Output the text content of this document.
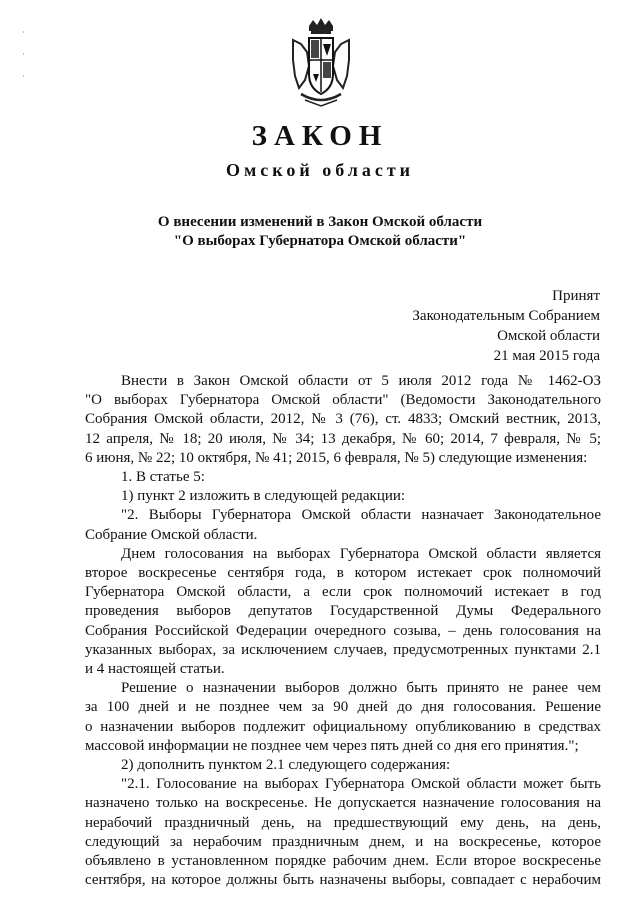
·
·
·
ЗАКОН
Омской области
О внесении изменений в Закон Омской области
"О выборах Губернатора Омской области"
Принят
Законодательным Собранием
Омской области
21 мая 2015 года

Внести в Закон Омской области от 5 июля 2012 года № 1462-ОЗ

"О выборах Губернатора Омской области" (Ведомости Законодательного

Собрания Омской области, 2012, № 3 (76), ст. 4833; Омский вестник, 2013,

12 апреля, № 18; 20 июля, № 34; 13 декабря, № 60; 2014, 7 февраля, № 5;

6 июня, № 22; 10 октября, № 41; 2015, 6 февраля, № 5) следующие изменения:

1. В статье 5:

1) пункт 2 изложить в следующей редакции:

"2. Выборы Губернатора Омской области назначает Законодательное

Собрание Омской области.

Днем голосования на выборах Губернатора Омской области является

второе воскресенье сентября года, в котором истекает срок полномочий

Губернатора Омской области, а если срок полномочий истекает в год

проведения выборов депутатов Государственной Думы Федерального

Собрания Российской Федерации очередного созыва, – день голосования на

указанных выборах, за исключением случаев, предусмотренных пунктами 2.1

и 4 настоящей статьи.

Решение о назначении выборов должно быть принято не ранее чем

за 100 дней и не позднее чем за 90 дней до дня голосования. Решение

о назначении выборов подлежит официальному опубликованию в средствах

массовой информации не позднее чем через пять дней со дня его принятия.";

2) дополнить пунктом 2.1 следующего содержания:

"2.1. Голосование на выборах Губернатора Омской области может быть

назначено только на воскресенье. Не допускается назначение голосования на

нерабочий праздничный день, на предшествующий ему день, на день,

следующий за нерабочим праздничным днем, и на воскресенье, которое

объявлено в установленном порядке рабочим днем. Если второе воскресенье

сентября, на которое должны быть назначены выборы, совпадает с нерабочим
